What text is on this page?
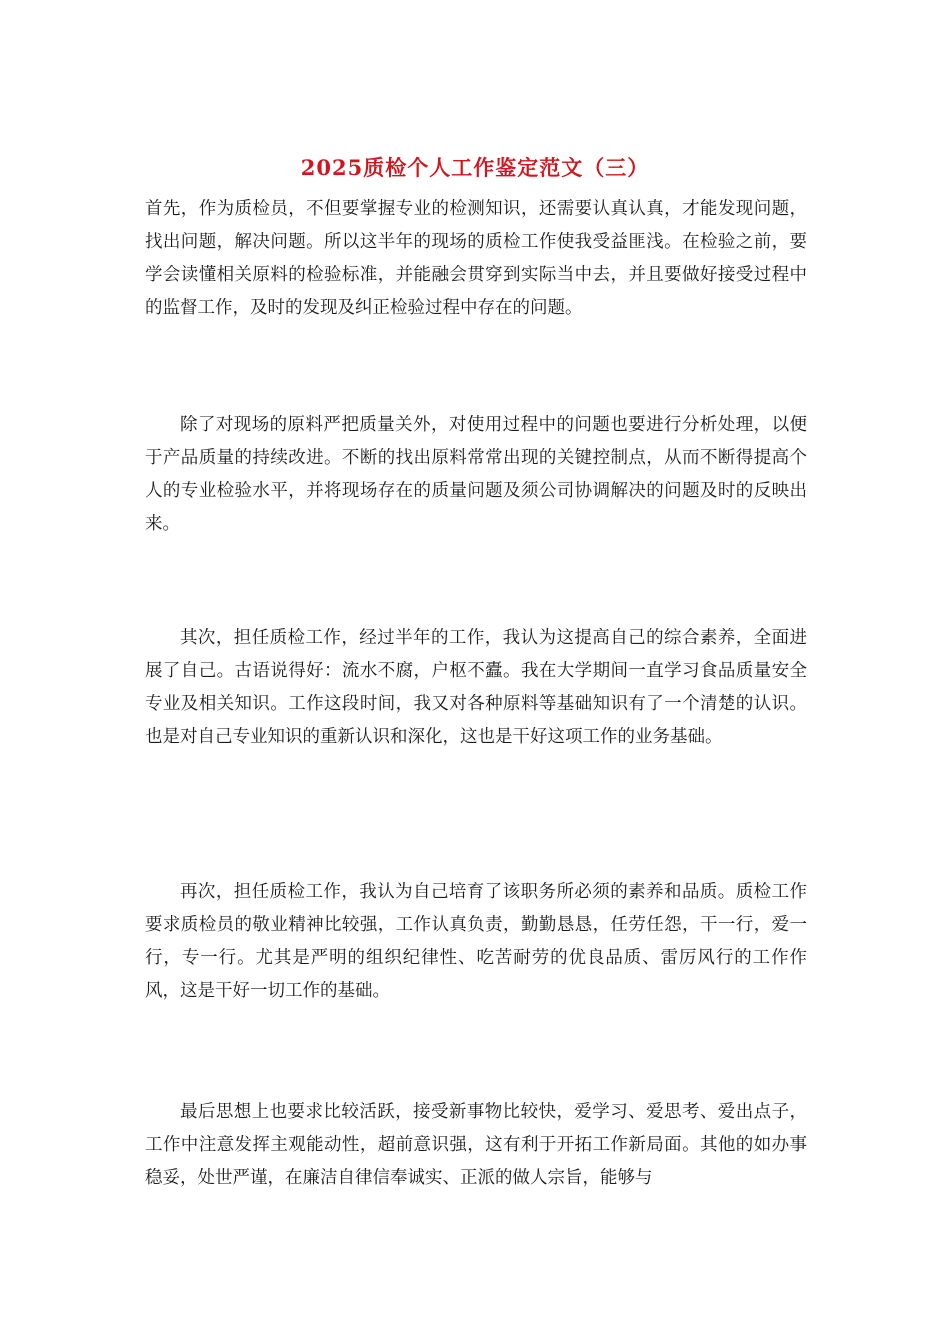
2025质检个人工作鉴定范文（三）

首先，作为质检员，不但要掌握专业的检测知识，还需要认真认真，才能发现问题，找出问题，解决问题。所以这半年的现场的质检工作使我受益匪浅。在检验之前，要学会读懂相关原料的检验标准，并能融会贯穿到实际当中去，并且要做好接受过程中的监督工作，及时的发现及纠正检验过程中存在的问题。

除了对现场的原料严把质量关外，对使用过程中的问题也要进行分析处理，以便于产品质量的持续改进。不断的找出原料常常出现的关键控制点，从而不断得提高个人的专业检验水平，并将现场存在的质量问题及须公司协调解决的问题及时的反映出来。

其次，担任质检工作，经过半年的工作，我认为这提高自己的综合素养，全面进展了自己。古语说得好：流水不腐，户枢不蠹。我在大学期间一直学习食品质量安全专业及相关知识。工作这段时间，我又对各种原料等基础知识有了一个清楚的认识。也是对自己专业知识的重新认识和深化，这也是干好这项工作的业务基础。

再次，担任质检工作，我认为自己培育了该职务所必须的素养和品质。质检工作要求质检员的敬业精神比较强，工作认真负责，勤勤恳恳，任劳任怨，干一行，爱一行，专一行。尤其是严明的组织纪律性、吃苦耐劳的优良品质、雷厉风行的工作作风，这是干好一切工作的基础。

最后思想上也要求比较活跃，接受新事物比较快，爱学习、爱思考、爱出点子，工作中注意发挥主观能动性，超前意识强，这有利于开拓工作新局面。其他的如办事稳妥，处世严谨，在廉洁自律信奉诚实、正派的做人宗旨，能够与
